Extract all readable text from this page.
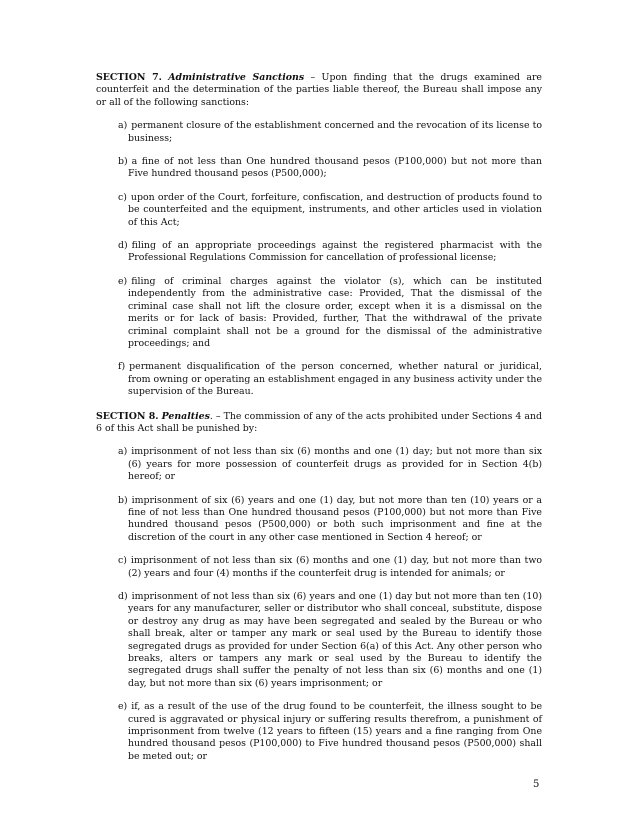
SECTION 7. Administrative Sanctions – Upon finding that the drugs examined are counterfeit and the determination of the parties liable thereof, the Bureau shall impose any or all of the following sanctions:

a) permanent closure of the establishment concerned and the revocation of its license to business;

b) a fine of not less than One hundred thousand pesos (P100,000) but not more than Five hundred thousand pesos (P500,000);

c) upon order of the Court, forfeiture, confiscation, and destruction of products found to be counterfeited and the equipment, instruments, and other articles used in violation of this Act;

d) filing of an appropriate proceedings against the registered pharmacist with the Professional Regulations Commission for cancellation of professional license;

e) filing of criminal charges against the violator (s), which can be instituted independently from the administrative case: Provided, That the dismissal of the criminal case shall not lift the closure order, except when it is a dismissal on the merits or for lack of basis: Provided, further, That the withdrawal of the private criminal complaint shall not be a ground for the dismissal of the administrative proceedings; and

f) permanent disqualification of the person concerned, whether natural or juridical, from owning or operating an establishment engaged in any business activity under the supervision of the Bureau.

SECTION 8. Penalties. – The commission of any of the acts prohibited under Sections 4 and 6 of this Act shall be punished by:

a) imprisonment of not less than six (6) months and one (1) day; but not more than six (6) years for more possession of counterfeit drugs as provided for in Section 4(b) hereof; or

b) imprisonment of six (6) years and one (1) day, but not more than ten (10) years or a fine of not less than One hundred thousand pesos (P100,000) but not more than Five hundred thousand pesos (P500,000) or both such imprisonment and fine at the discretion of the court in any other case mentioned in Section 4 hereof; or

c) imprisonment of not less than six (6) months and one (1) day, but not more than two (2) years and four (4) months if the counterfeit drug is intended for animals; or

d) imprisonment of not less than six (6) years and one (1) day but not more than ten (10) years for any manufacturer, seller or distributor who shall conceal, substitute, dispose or destroy any drug as may have been segregated and sealed by the Bureau or who shall break, alter or tamper any mark or seal used by the Bureau to identify those segregated drugs as provided for under Section 6(a) of this Act. Any other person who breaks, alters or tampers any mark or seal used by the Bureau to identify the segregated drugs shall suffer the penalty of not less than six (6) months and one (1) day, but not more than six (6) years imprisonment; or

e) if, as a result of the use of the drug found to be counterfeit, the illness sought to be cured is aggravated or physical injury or suffering results therefrom, a punishment of imprisonment from twelve (12 years to fifteen (15) years and a fine ranging from One hundred thousand pesos (P100,000) to Five hundred thousand pesos (P500,000) shall be meted out; or

5
